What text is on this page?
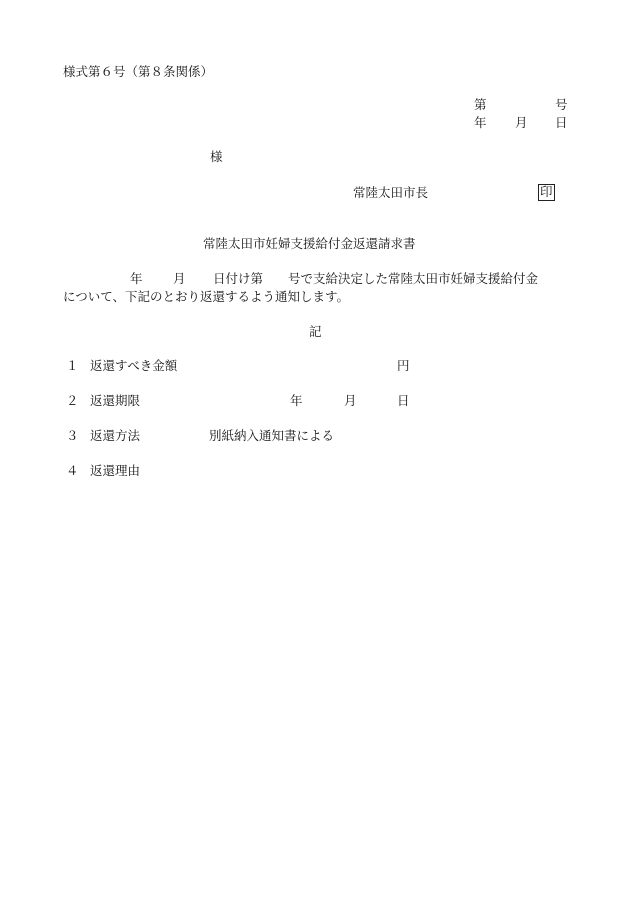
様式第６号（第８条関係）
第	号
年 月 日
様
常陸太田市長	印
常陸太田市妊婦支援給付金返還請求書
年 月 日付け第　　号で支給決定した常陸太田市妊婦支援給付金
について、下記のとおり返還するよう通知します。
記
１ 返還すべき金額	円
２ 返還期限	年	月	日
３ 返還方法	別紙納入通知書による
４ 返還理由
